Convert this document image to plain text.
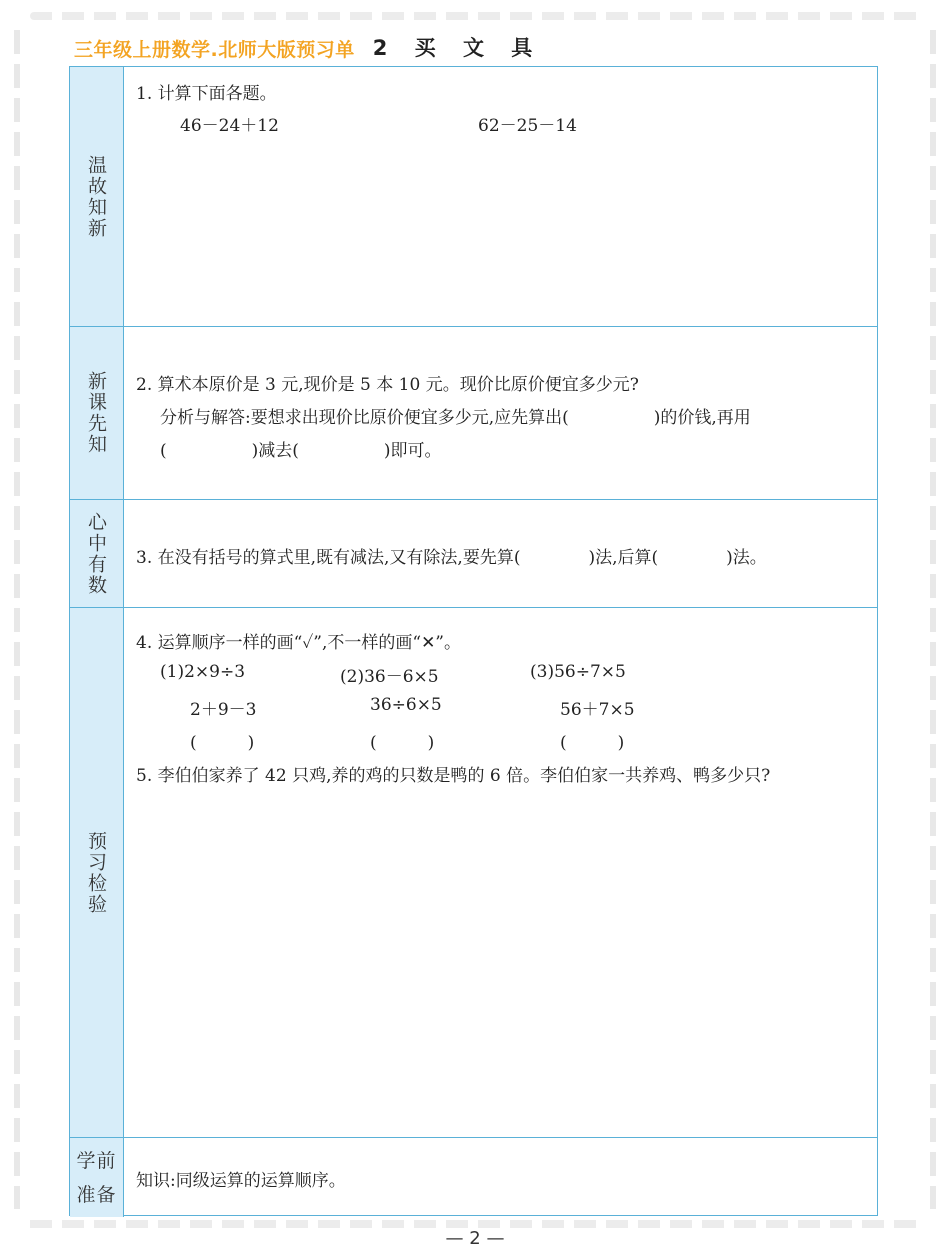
三年级上册数学.北师大版预习单 2 买 文 具
温故知新
1. 计算下面各题。
46－24＋12	62－25－14
新课先知 2. 算术本原价是 3 元,现价是 5 本 10 元。现价比原价便宜多少元?
分析与解答:要想求出现价比原价便宜多少元,应先算出(　　　　　)的价钱,再用
(　　　　　)减去(　　　　　)即可。
心中有数 3. 在没有括号的算式里,既有减法,又有除法,要先算(　　　　)法,后算(　　　　)法。
预习检验
4. 运算顺序一样的画“✓”,不一样的画“✕”。
(1)2×9÷3
2＋9－3
(　　　)
(2)36－6×5
36÷6×5
(　　　)
(3)56÷7×5
56＋7×5
(　　　)
5. 李伯伯家养了 42 只鸡,养的鸡的只数是鸭的 6 倍。李伯伯家一共养鸡、鸭多少只?
学前
准备
知识:同级运算的运算顺序。
— 2 —
